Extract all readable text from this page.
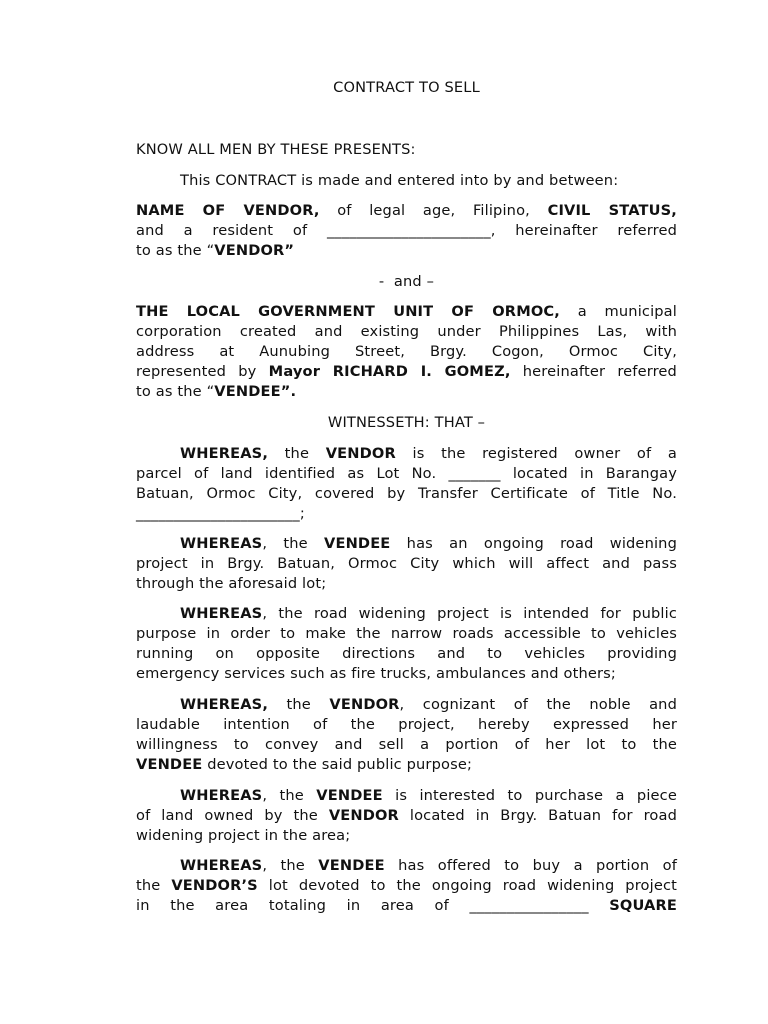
CONTRACT TO SELL
KNOW ALL MEN BY THESE PRESENTS:
This CONTRACT is made and entered into by and between:
NAME OF VENDOR, of legal age, Filipino, CIVIL STATUS,
and a resident of ______________________, hereinafter referred
to as the “VENDOR”
-  and –
THE LOCAL GOVERNMENT UNIT OF ORMOC, a municipal
corporation created and existing under Philippines Las, with
address at Aunubing Street, Brgy. Cogon, Ormoc City,
represented by Mayor RICHARD I. GOMEZ, hereinafter referred
to as the “VENDEE”.
WITNESSETH: THAT –
WHEREAS, the VENDOR is the registered owner of a
parcel of land identified as Lot No. _______ located in Barangay
Batuan, Ormoc City, covered by Transfer Certificate of Title No.
______________________;
WHEREAS, the VENDEE has an ongoing road widening
project in Brgy. Batuan, Ormoc City which will affect and pass
through the aforesaid lot;
WHEREAS, the road widening project is intended for public
purpose in order to make the narrow roads accessible to vehicles
running on opposite directions and to vehicles providing
emergency services such as fire trucks, ambulances and others;
WHEREAS, the VENDOR, cognizant of the noble and
laudable intention of the project, hereby expressed her
willingness to convey and sell a portion of her lot to the
VENDEE devoted to the said public purpose;
WHEREAS, the VENDEE is interested to purchase a piece
of land owned by the VENDOR located in Brgy. Batuan for road
widening project in the area;
WHEREAS, the VENDEE has offered to buy a portion of
the VENDOR’S lot devoted to the ongoing road widening project
in the area totaling in area of ________________ SQUARE
